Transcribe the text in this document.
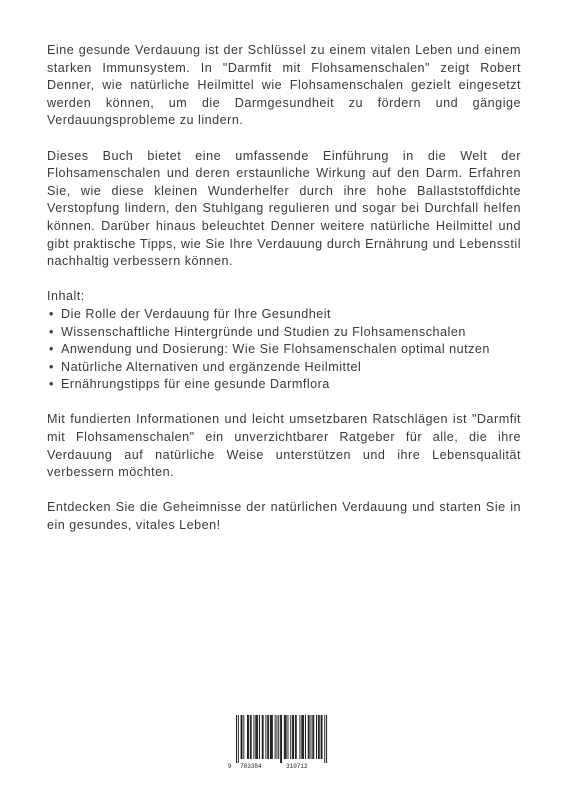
Eine gesunde Verdauung ist der Schlüssel zu einem vitalen Leben und einem starken Immunsystem. In "Darmfit mit Flohsamenschalen" zeigt Robert Denner, wie natürliche Heilmittel wie Flohsamenschalen gezielt eingesetzt werden können, um die Darmgesundheit zu fördern und gängige Verdauungsprobleme zu lindern.

Dieses Buch bietet eine umfassende Einführung in die Welt der Flohsamenschalen und deren erstaunliche Wirkung auf den Darm. Erfahren Sie, wie diese kleinen Wunderhelfer durch ihre hohe Ballaststoffdichte Verstopfung lindern, den Stuhlgang regulieren und sogar bei Durchfall helfen können. Darüber hinaus beleuchtet Denner weitere natürliche Heilmittel und gibt praktische Tipps, wie Sie Ihre Verdauung durch Ernährung und Lebensstil nachhaltig verbessern können.

Inhalt:
• Die Rolle der Verdauung für Ihre Gesundheit
• Wissenschaftliche Hintergründe und Studien zu Flohsamenschalen
• Anwendung und Dosierung: Wie Sie Flohsamenschalen optimal nutzen
• Natürliche Alternativen und ergänzende Heilmittel
• Ernährungstipps für eine gesunde Darmflora

Mit fundierten Informationen und leicht umsetzbaren Ratschlägen ist "Darmfit mit Flohsamenschalen" ein unverzichtbarer Ratgeber für alle, die ihre Verdauung auf natürliche Weise unterstützen und ihre Lebensqualität verbessern möchten.

Entdecken Sie die Geheimnisse der natürlichen Verdauung und starten Sie in ein gesundes, vitales Leben!

9 783384	310712
